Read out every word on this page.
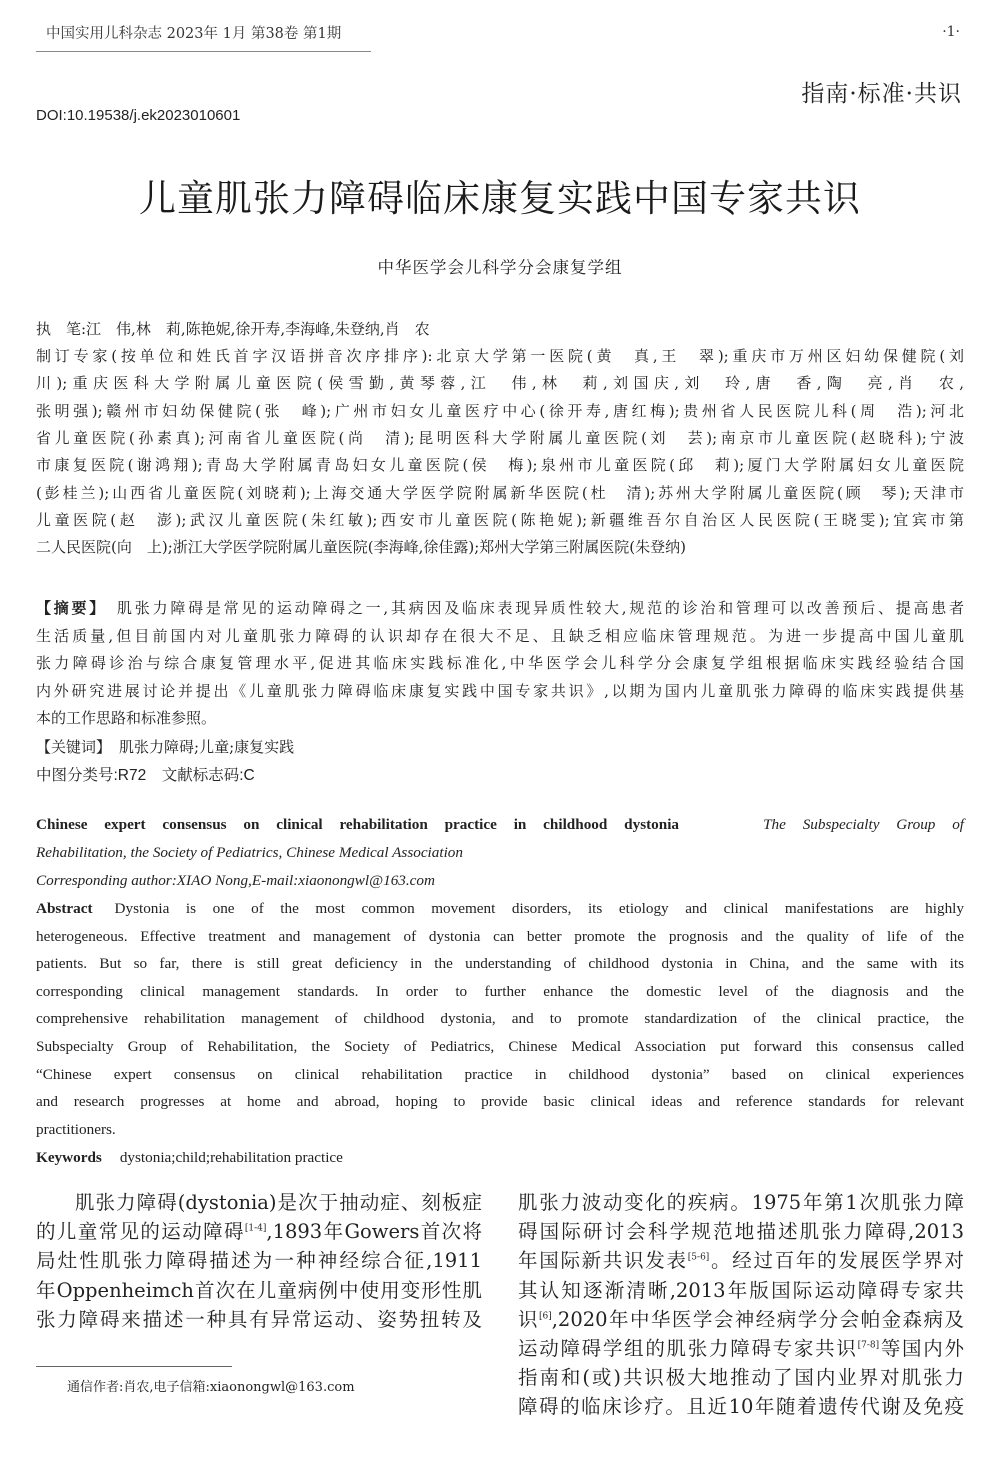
中国实用儿科杂志 2023年 1月 第38卷 第1期	·1·
指南·标准·共识
DOI:10.19538/j.ek2023010601
儿童肌张力障碍临床康复实践中国专家共识
中华医学会儿科学分会康复学组
执　笔:江　伟,林　莉,陈艳妮,徐开寿,李海峰,朱登纳,肖　农
制订专家(按单位和姓氏首字汉语拼音次序排序):北京大学第一医院(黄　真,王　翠);重庆市万州区妇幼保健院(刘
川);重庆医科大学附属儿童医院(侯雪勤,黄琴蓉,江　伟,林　莉,刘国庆,刘　玲,唐　香,陶　亮,肖　农,
张明强);赣州市妇幼保健院(张　峰);广州市妇女儿童医疗中心(徐开寿,唐红梅);贵州省人民医院儿科(周　浩);河北
省儿童医院(孙素真);河南省儿童医院(尚　清);昆明医科大学附属儿童医院(刘　芸);南京市儿童医院(赵晓科);宁波
市康复医院(谢鸿翔);青岛大学附属青岛妇女儿童医院(侯　梅);泉州市儿童医院(邱　莉);厦门大学附属妇女儿童医院
(彭桂兰);山西省儿童医院(刘晓莉);上海交通大学医学院附属新华医院(杜　清);苏州大学附属儿童医院(顾　琴);天津市
儿童医院(赵　澎);武汉儿童医院(朱红敏);西安市儿童医院(陈艳妮);新疆维吾尔自治区人民医院(王晓雯);宜宾市第
二人民医院(向　上);浙江大学医学院附属儿童医院(李海峰,徐佳露);郑州大学第三附属医院(朱登纳)
【摘要】 肌张力障碍是常见的运动障碍之一,其病因及临床表现异质性较大,规范的诊治和管理可以改善预后、提高患者
生活质量,但目前国内对儿童肌张力障碍的认识却存在很大不足、且缺乏相应临床管理规范。为进一步提高中国儿童肌
张力障碍诊治与综合康复管理水平,促进其临床实践标准化,中华医学会儿科学分会康复学组根据临床实践经验结合国
内外研究进展讨论并提出《儿童肌张力障碍临床康复实践中国专家共识》,以期为国内儿童肌张力障碍的临床实践提供基
本的工作思路和标准参照。
【关键词】 肌张力障碍;儿童;康复实践
中图分类号:R72　文献标志码:C
Chinese expert consensus on clinical rehabilitation practice in childhood dystonia	The Subspecialty Group of
Rehabilitation, the Society of Pediatrics, Chinese Medical Association
Corresponding author:XIAO Nong,E-mail:xiaonongwl@163.com
Abstract Dystonia is one of the most common movement disorders, its etiology and clinical manifestations are highly
heterogeneous. Effective treatment and management of dystonia can better promote the prognosis and the quality of life of the
patients. But so far, there is still great deficiency in the understanding of childhood dystonia in China, and the same with its
corresponding clinical management standards. In order to further enhance the domestic level of the diagnosis and the
comprehensive rehabilitation management of childhood dystonia, and to promote standardization of the clinical practice, the
Subspecialty Group of Rehabilitation, the Society of Pediatrics, Chinese Medical Association put forward this consensus called
“Chinese expert consensus on clinical rehabilitation practice in childhood dystonia” based on clinical experiences
and research progresses at home and abroad, hoping to provide basic clinical ideas and reference standards for relevant
practitioners.
Keywords dystonia;child;rehabilitation practice
肌张力障碍(dystonia)是次于抽动症、刻板症
的儿童常见的运动障碍[1-4],1893年Gowers首次将
局灶性肌张力障碍描述为一种神经综合征,1911
年Oppenheimch首次在儿童病例中使用变形性肌
张力障碍来描述一种具有异常运动、姿势扭转及
肌张力波动变化的疾病。1975年第1次肌张力障
碍国际研讨会科学规范地描述肌张力障碍,2013
年国际新共识发表[5-6]。经过百年的发展医学界对
其认知逐渐清晰,2013年版国际运动障碍专家共
识[6],2020年中华医学会神经病学分会帕金森病及
运动障碍学组的肌张力障碍专家共识[7-8]等国内外
指南和(或)共识极大地推动了国内业界对肌张力
障碍的临床诊疗。且近10年随着遗传代谢及免疫
通信作者:肖农,电子信箱:xiaonongwl@163.com
